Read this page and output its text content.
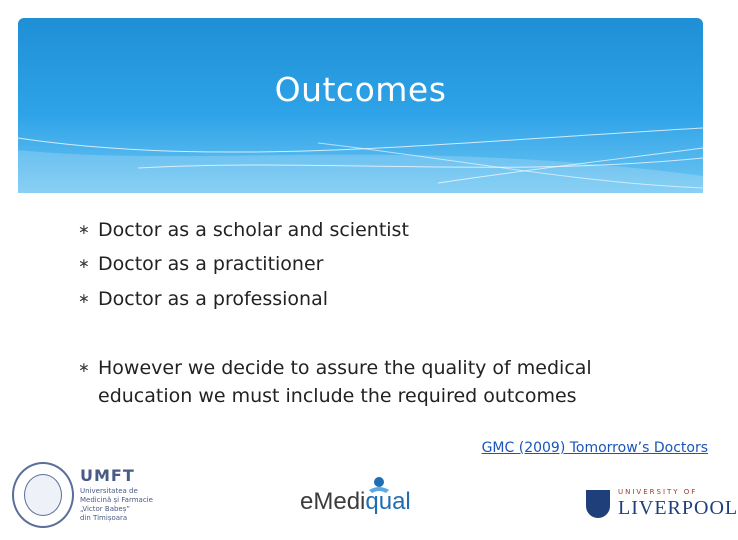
Outcomes
∗ Doctor as a scholar and scientist
∗ Doctor as a practitioner
∗ Doctor as a professional
∗ However we decide to assure the quality of medical education we must include the required outcomes
GMC (2009) Tomorrow’s Doctors
UMFT
Universitatea de
Medicină și Farmacie
„Victor Babeș”
din Timișoara
eMediqual	UNIVERSITY OF
LIVERPOOL
